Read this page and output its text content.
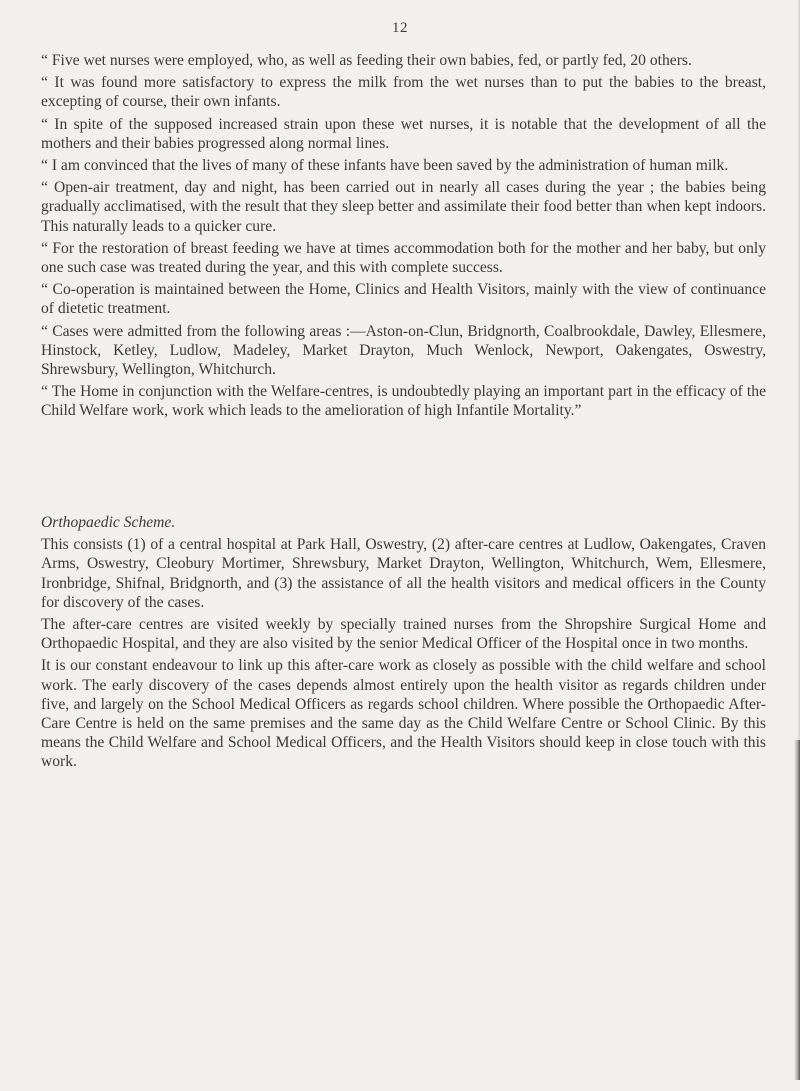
12

“ Five wet nurses were employed, who, as well as feeding their own babies, fed, or partly fed, 20 others.

“ It was found more satisfactory to express the milk from the wet nurses than to put the babies to the breast, excepting of course, their own infants.

“ In spite of the supposed increased strain upon these wet nurses, it is notable that the development of all the mothers and their babies progressed along normal lines.

“ I am convinced that the lives of many of these infants have been saved by the administration of human milk.

“ Open-air treatment, day and night, has been carried out in nearly all cases during the year ; the babies being gradually acclimatised, with the result that they sleep better and assimilate their food better than when kept indoors. This naturally leads to a quicker cure.

“ For the restoration of breast feeding we have at times accommodation both for the mother and her baby, but only one such case was treated during the year, and this with complete success.

“ Co-operation is maintained between the Home, Clinics and Health Visitors, mainly with the view of continuance of dietetic treatment.

“ Cases were admitted from the following areas :—Aston-on-Clun, Bridgnorth, Coalbrookdale, Dawley, Ellesmere, Hinstock, Ketley, Ludlow, Madeley, Market Drayton, Much Wenlock, Newport, Oakengates, Oswestry, Shrewsbury, Wellington, Whitchurch.

“ The Home in conjunction with the Welfare-centres, is undoubtedly playing an important part in the efficacy of the Child Welfare work, work which leads to the amelioration of high Infantile Mortality.”

Orthopaedic Scheme.

This consists (1) of a central hospital at Park Hall, Oswestry, (2) after-care centres at Ludlow, Oakengates, Craven Arms, Oswestry, Cleobury Mortimer, Shrewsbury, Market Drayton, Wellington, Whitchurch, Wem, Ellesmere, Ironbridge, Shifnal, Bridgnorth, and (3) the assistance of all the health visitors and medical officers in the County for discovery of the cases.

The after-care centres are visited weekly by specially trained nurses from the Shropshire Surgical Home and Orthopaedic Hospital, and they are also visited by the senior Medical Officer of the Hospital once in two months.

It is our constant endeavour to link up this after-care work as closely as possible with the child welfare and school work. The early discovery of the cases depends almost entirely upon the health visitor as regards children under five, and largely on the School Medical Officers as regards school children. Where possible the Orthopaedic After-Care Centre is held on the same premises and the same day as the Child Welfare Centre or School Clinic. By this means the Child Welfare and School Medical Officers, and the Health Visitors should keep in close touch with this work.
